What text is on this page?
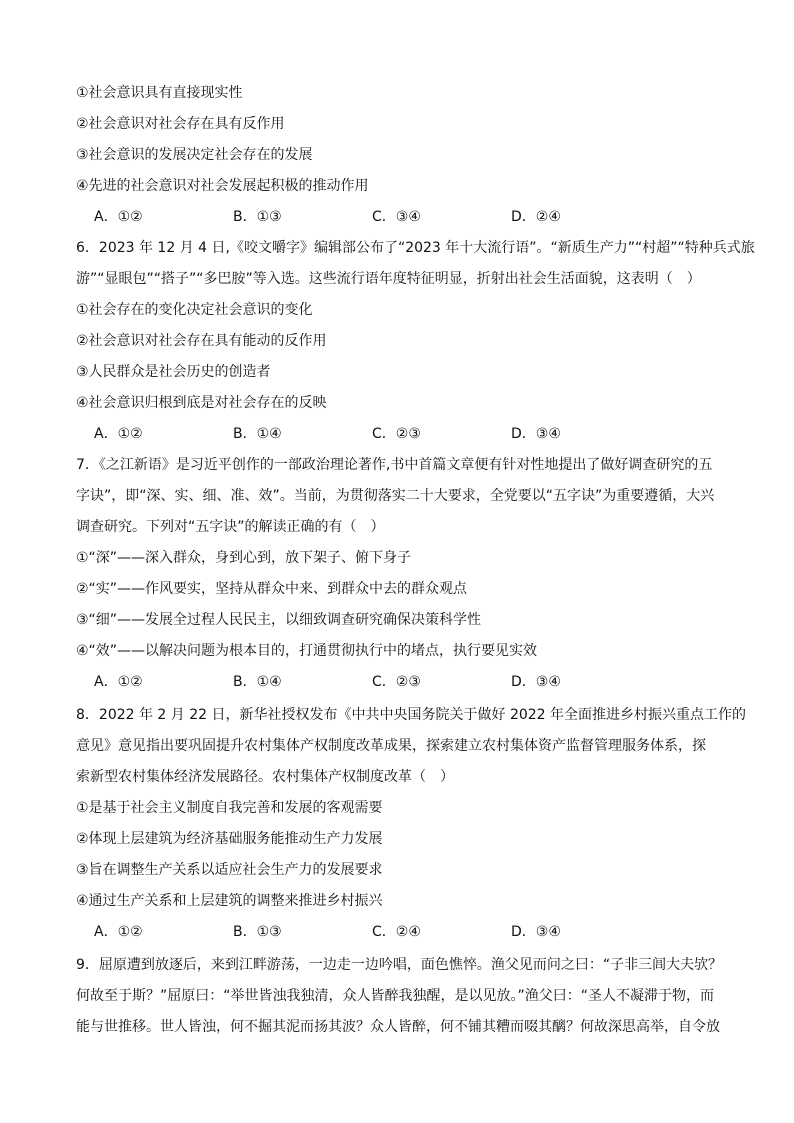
①社会意识具有直接现实性
②社会意识对社会存在具有反作用
③社会意识的发展决定社会存在的发展
④先进的社会意识对社会发展起积极的推动作用
A．①②	B．①③	C．③④	D．②④
6．2023 年 12 月 4 日,《咬文嚼字》编辑部公布了“2023 年十大流行语”。“新质生产力”“村超”“特种兵式旅
游”“显眼包”“搭子”“多巴胺”等入选。这些流行语年度特征明显，折射出社会生活面貌，这表明（　）
①社会存在的变化决定社会意识的变化
②社会意识对社会存在具有能动的反作用
③人民群众是社会历史的创造者
④社会意识归根到底是对社会存在的反映
A．①②	B．①④	C．②③	D．③④
7．《之江新语》是习近平创作的一部政治理论著作,书中首篇文章便有针对性地提出了做好调查研究的五
字诀”，即“深、实、细、准、效”。当前，为贯彻落实二十大要求，全党要以“五字诀”为重要遵循，大兴
调查研究。下列对“五字诀”的解读正确的有（　）
①“深”——深入群众，身到心到，放下架子、俯下身子
②“实”——作风要实，坚持从群众中来、到群众中去的群众观点
③“细”——发展全过程人民民主，以细致调查研究确保决策科学性
④“效”——以解决问题为根本目的，打通贯彻执行中的堵点，执行要见实效
A．①②	B．①④	C．②③	D．③④
8．2022 年 2 月 22 日，新华社授权发布《中共中央国务院关于做好 2022 年全面推进乡村振兴重点工作的
意见》意见指出要巩固提升农村集体产权制度改革成果，探索建立农村集体资产监督管理服务体系，探
索新型农村集体经济发展路径。农村集体产权制度改革（　）
①是基于社会主义制度自我完善和发展的客观需要
②体现上层建筑为经济基础服务能推动生产力发展
③旨在调整生产关系以适应社会生产力的发展要求
④通过生产关系和上层建筑的调整来推进乡村振兴
A．①②	B．①③	C．②④	D．③④
9．屈原遭到放逐后，来到江畔游荡，一边走一边吟唱，面色憔悴。渔父见而问之曰：“子非三闾大夫欤？
何故至于斯？”屈原曰：“举世皆浊我独清，众人皆醉我独醒，是以见放。”渔父曰：“圣人不凝滞于物，而
能与世推移。世人皆浊，何不掘其泥而扬其波？众人皆醉，何不铺其糟而啜其醨？何故深思高举，自令放
